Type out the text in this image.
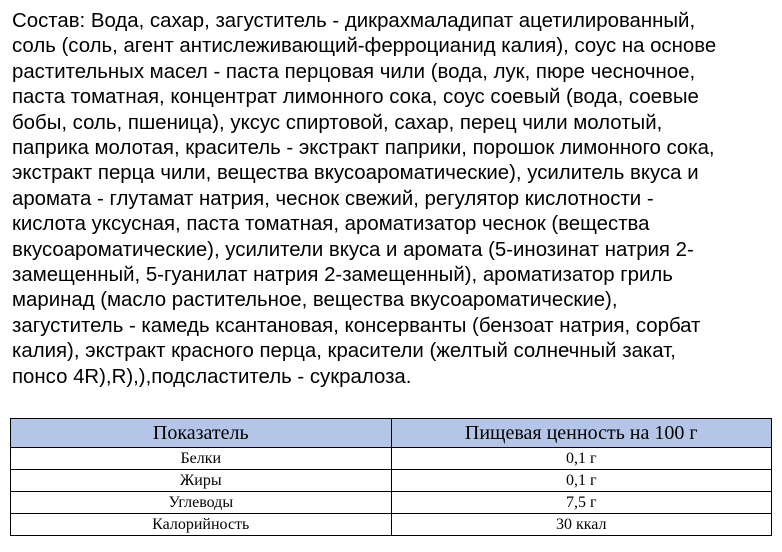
Состав: Вода, сахар, загуститель - дикрахмаладипат ацетилированный,
соль (соль, агент антислеживающий-ферроцианид калия), соус на основе
растительных масел - паста перцовая чили (вода, лук, пюре чесночное,
паста томатная, концентрат лимонного сока, соус соевый (вода, соевые
бобы, соль, пшеница), уксус спиртовой, сахар, перец чили молотый,
паприка молотая, краситель - экстракт паприки, порошок лимонного сока,
экстракт перца чили, вещества вкусоароматические), усилитель вкуса и
аромата - глутамат натрия, чеснок свежий, регулятор кислотности -
кислота уксусная, паста томатная, ароматизатор чеснок (вещества
вкусоароматические), усилители вкуса и аромата (5-инозинат натрия 2-
замещенный, 5-гуанилат натрия 2-замещенный), ароматизатор гриль
маринад (масло растительное, вещества вкусоароматические),
загуститель - камедь ксантановая, консерванты (бензоат натрия, сорбат
калия), экстракт красного перца, красители (желтый солнечный закат,
понсо 4R),R),),подсластитель - сукралоза.
Показатель	Пищевая ценность на 100 г
Белки	0,1 г
Жиры	0,1 г
Углеводы	7,5 г
Калорийность	30 ккал
